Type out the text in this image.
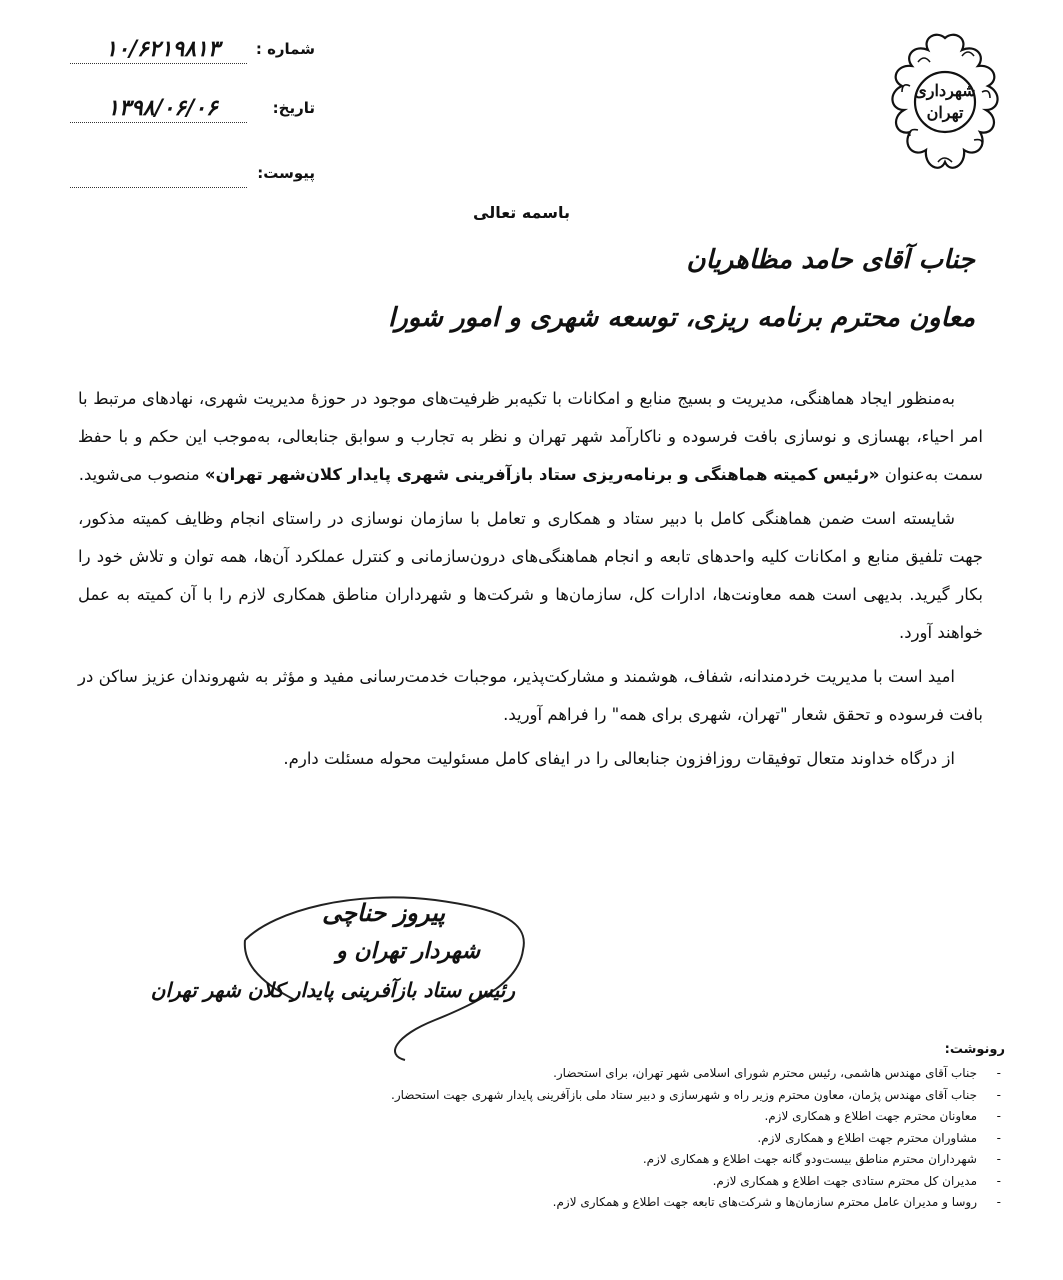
شهرداری
تهران
شماره :
۱۰/۶۲۱۹۸۱۳
تاریخ:
۱۳۹۸/۰۶/۰۶
پیوست:
باسمه تعالی
جناب آقای حامد مظاهریان
معاون محترم برنامه ریزی، توسعه شهری و امور شورا

به‌منظور ایجاد هماهنگی، مدیریت و بسیج منابع و امکانات با تکیه‌بر ظرفیت‌های موجود در حوزهٔ مدیریت شهری، نهادهای مرتبط با امر احیاء، بهسازی و نوسازی بافت فرسوده و ناکارآمد شهر تهران و نظر به تجارب و سوابق جنابعالی، به‌موجب این حکم و با حفظ سمت به‌عنوان «رئیس کمیته هماهنگی و برنامه‌ریزی ستاد بازآفرینی شهری پایدار کلان‌شهر تهران» منصوب می‌شوید.

شایسته است ضمن هماهنگی کامل با دبیر ستاد و همکاری و تعامل با سازمان نوسازی در راستای انجام وظایف کمیته مذکور، جهت تلفیق منابع و امکانات کلیه واحدهای تابعه و انجام هماهنگی‌های درون‌سازمانی و کنترل عملکرد آن‌ها، همه توان و تلاش خود را بکار گیرید. بدیهی است همه معاونت‌ها، ادارات کل، سازمان‌ها و شرکت‌ها و شهرداران مناطق همکاری لازم را با آن کمیته به عمل خواهند آورد.

امید است با مدیریت خردمندانه، شفاف، هوشمند و مشارکت‌پذیر، موجبات خدمت‌رسانی مفید و مؤثر به شهروندان عزیز ساکن در بافت فرسوده و تحقق شعار "تهران، شهری برای همه" را فراهم آورید.

از درگاه خداوند متعال توفیقات روزافزون جنابعالی را در ایفای کامل مسئولیت محوله مسئلت دارم.

پیروز حناچی
شهردار تهران و
رئیس ستاد بازآفرینی پایدار کلان شهر تهران
رونوشت:
- جناب آقای مهندس هاشمی، رئیس محترم شورای اسلامی شهر تهران، برای استحضار.
- جناب آقای مهندس پژمان، معاون محترم وزیر راه و شهرسازی و دبیر ستاد ملی بازآفرینی پایدار شهری جهت استحضار.
- معاونان محترم جهت اطلاع و همکاری لازم.
- مشاوران محترم جهت اطلاع و همکاری لازم.
- شهرداران محترم مناطق بیست‌ودو گانه جهت اطلاع و همکاری لازم.
- مدیران کل محترم ستادی جهت اطلاع و همکاری لازم.
- روسا و مدیران عامل محترم سازمان‌ها و شرکت‌های تابعه جهت اطلاع و همکاری لازم.
